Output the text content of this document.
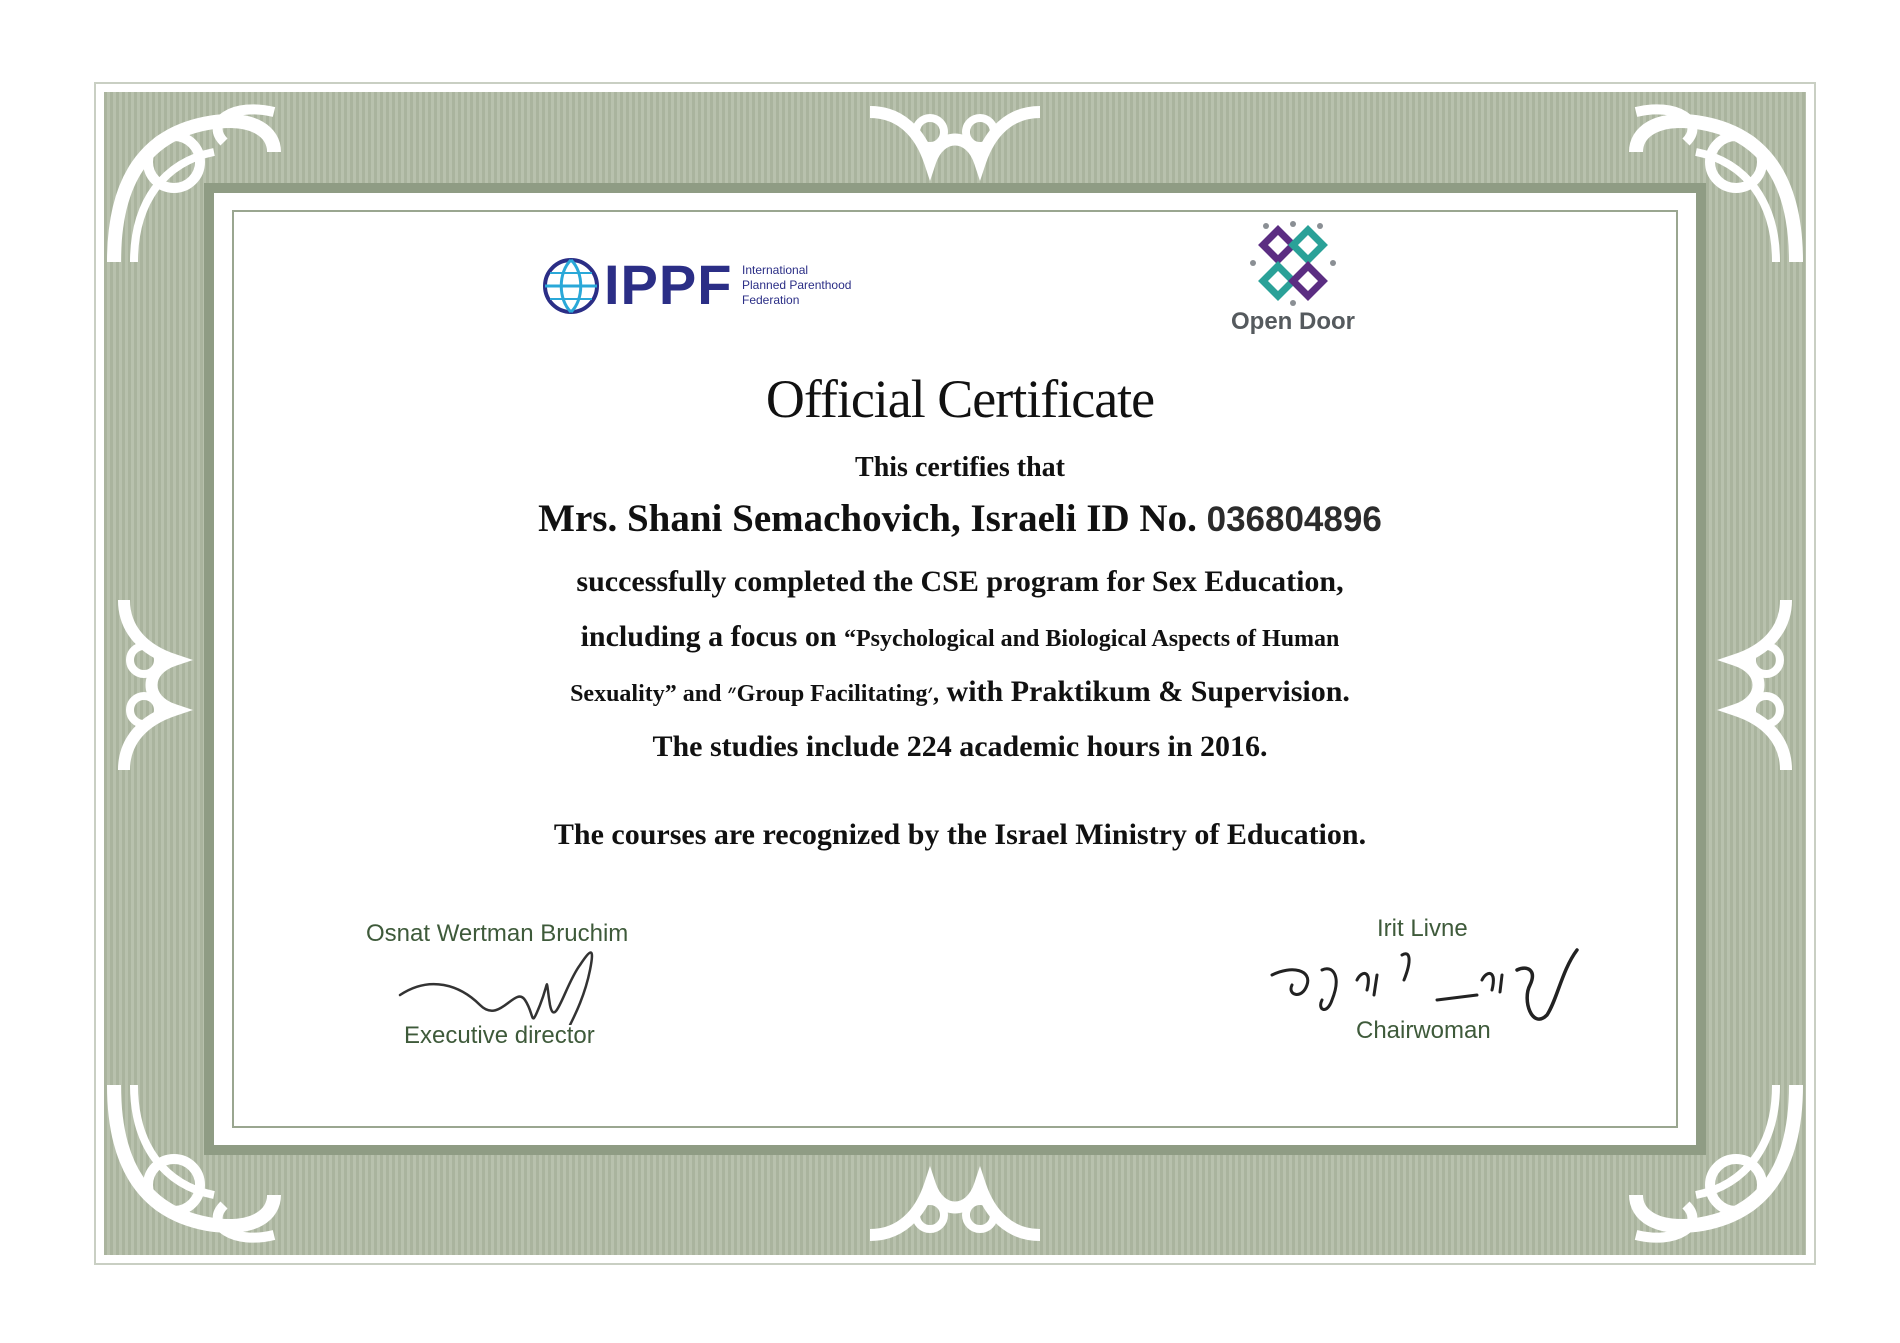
IPPF International
Planned Parenthood
Federation
Open Door
Official Certificate
This certifies that
Mrs. Shani Semachovich, Israeli ID No. 036804896
successfully completed the CSE program for Sex Education,
including a focus on “Psychological and Biological Aspects of Human
Sexuality” and ״Group Facilitating׳, with Praktikum & Supervision.
The studies include 224 academic hours in 2016.
The courses are recognized by the Israel Ministry of Education.
Osnat Wertman Bruchim
Executive director
Irit Livne
Chairwoman
